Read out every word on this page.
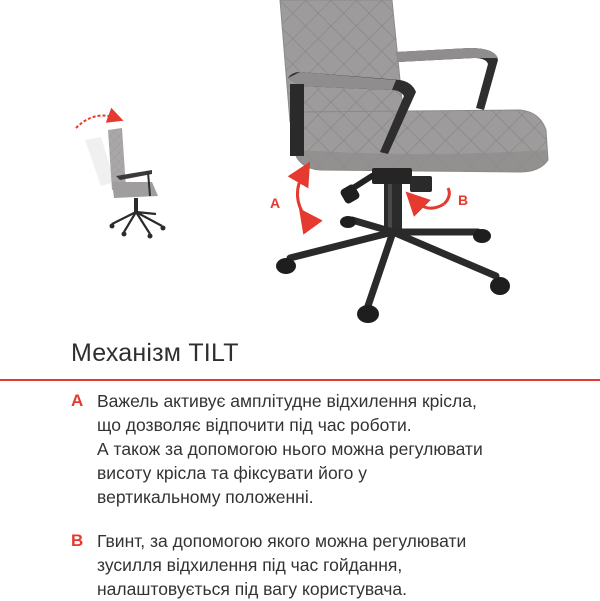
A	B
Механізм TILT
A Важель активує амплітудне відхилення крісла,
що дозволяє відпочити під час роботи.
А також за допомогою нього можна регулювати
висоту крісла та фіксувати його у
вертикальному положенні.
B Гвинт, за допомогою якого можна регулювати
зусилля відхилення під час гойдання,
налаштовується під вагу користувача.
